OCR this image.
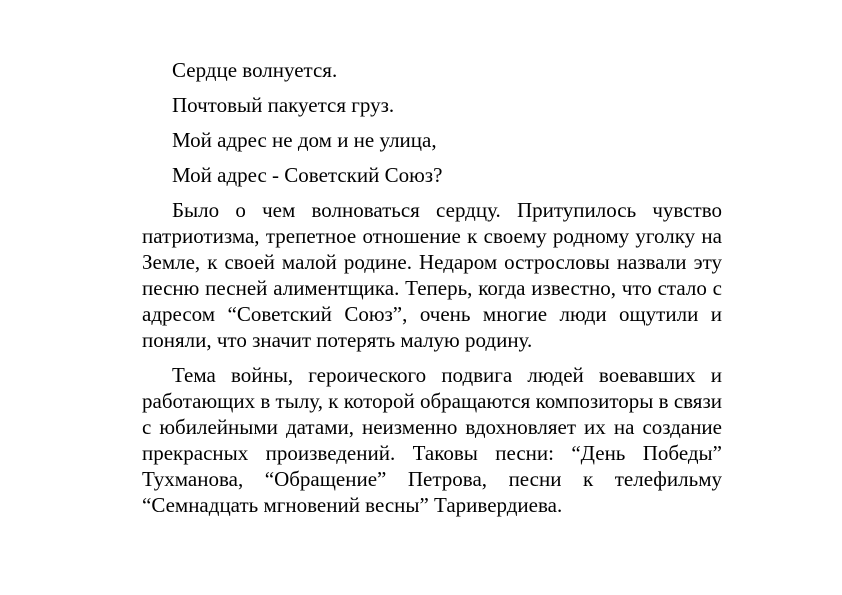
Сердце волнуется.

Почтовый пакуется груз.

Мой адрес не дом и не улица,

Мой адрес - Советский Союз?

Было о чем волноваться сердцу. Притупилось чувство патриотизма, трепетное отношение к своему родному уголку на Земле, к своей малой родине. Недаром острословы назвали эту песню песней алиментщика. Теперь, когда известно, что стало с адресом “Советский Союз”, очень многие люди ощутили и поняли, что значит потерять малую родину.

Тема войны, героического подвига людей воевавших и работающих в тылу, к которой обращаются композиторы в связи с юбилейными датами, неизменно вдохновляет их на создание прекрасных произведений. Таковы песни: “День Победы” Тухманова, “Обращение” Петрова, песни к телефильму “Семнадцать мгновений весны” Таривердиева.
